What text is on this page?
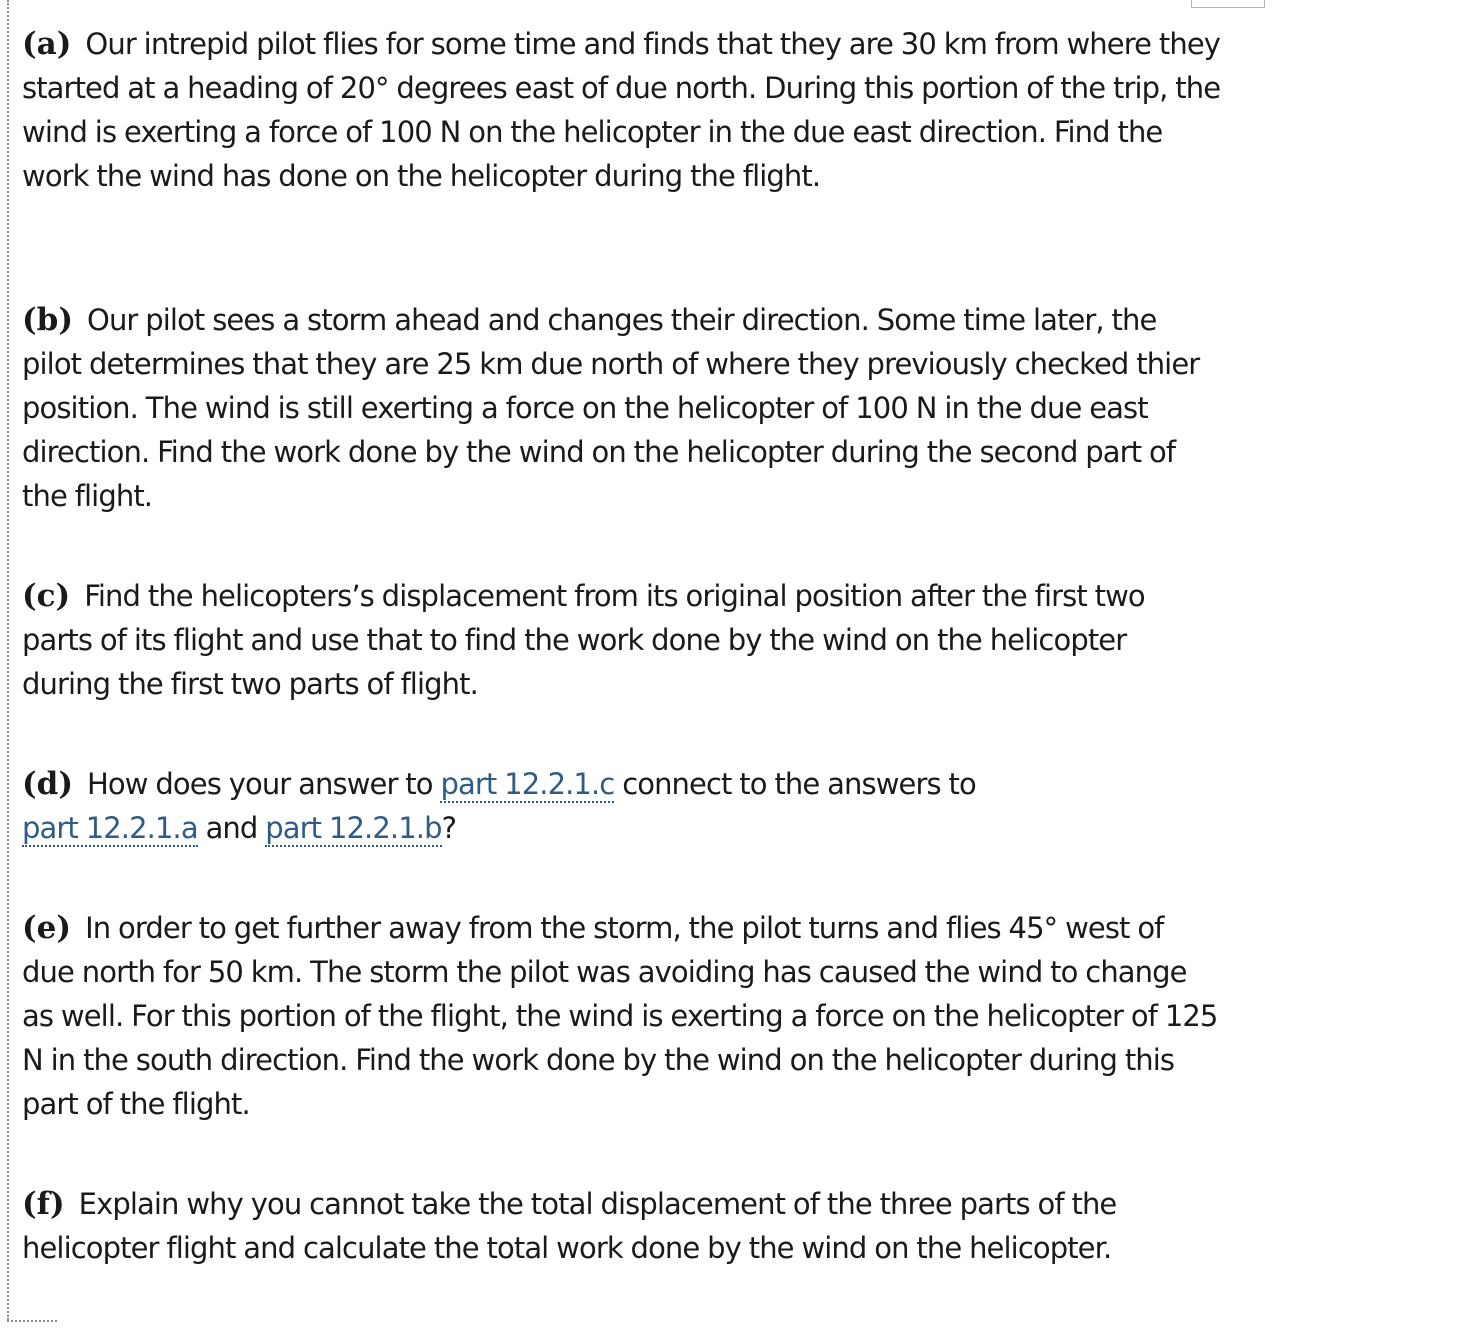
(a) Our intrepid pilot flies for some time and finds that they are 30 km from where they started at a heading of 20° degrees east of due north. During this portion of the trip, the wind is exerting a force of 100 N on the helicopter in the due east direction. Find the work the wind has done on the helicopter during the flight.

(b) Our pilot sees a storm ahead and changes their direction. Some time later, the pilot determines that they are 25 km due north of where they previously checked thier position. The wind is still exerting a force on the helicopter of 100 N in the due east direction. Find the work done by the wind on the helicopter during the second part of the flight.

(c) Find the helicopters’s displacement from its original position after the first two parts of its flight and use that to find the work done by the wind on the helicopter during the first two parts of flight.

(d) How does your answer to part 12.2.1.c connect to the answers to
part 12.2.1.a and part 12.2.1.b?

(e) In order to get further away from the storm, the pilot turns and flies 45° west of due north for 50 km. The storm the pilot was avoiding has caused the wind to change as well. For this portion of the flight, the wind is exerting a force on the helicopter of 125 N in the south direction. Find the work done by the wind on the helicopter during this part of the flight.

(f) Explain why you cannot take the total displacement of the three parts of the helicopter flight and calculate the total work done by the wind on the helicopter.
